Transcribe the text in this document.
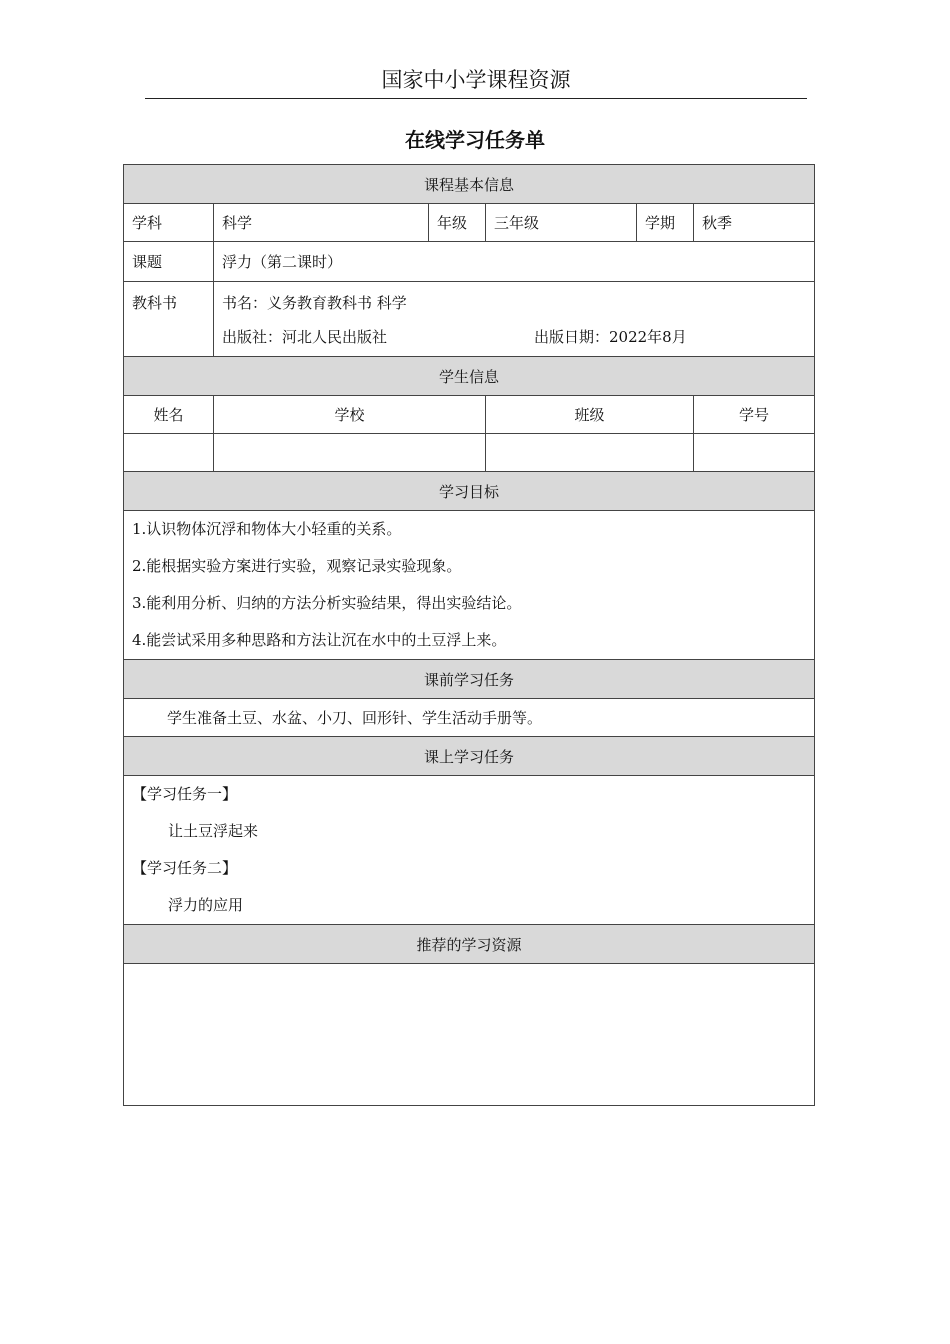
国家中小学课程资源
在线学习任务单
课程基本信息					
学科	科学	年级	三年级	学期	秋季
课题	浮力（第二课时）				
教科书	书名：义务教育教科书 科学
出版社：河北人民出版社 出版日期：2022年8月				

学生信息					
姓名	学校		班级		学号

学习目标					

1.认识物体沉浮和物体大小轻重的关系。
2.能根据实验方案进行实验，观察记录实验现象。
3.能利用分析、归纳的方法分析实验结果，得出实验结论。
4.能尝试采用多种思路和方法让沉在水中的土豆浮上来。					

课前学习任务					
学生准备土豆、水盆、小刀、回形针、学生活动手册等。					
课上学习任务					

【学习任务一】
让土豆浮起来
【学习任务二】
浮力的应用					

推荐的学习资源					
